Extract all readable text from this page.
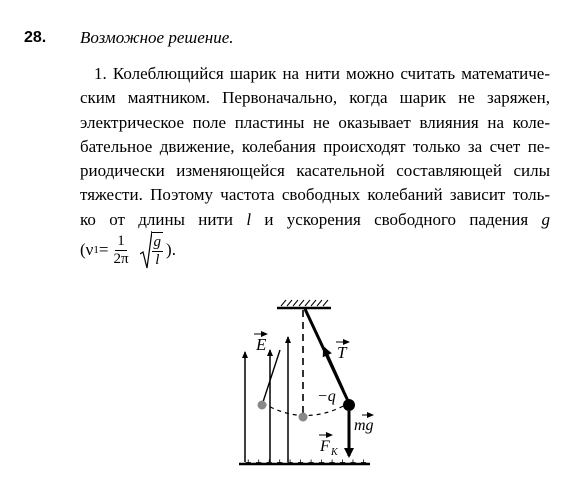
28. Возможное решение.

1. Колеблющийся шарик на нити можно считать математиче-
ским маятником. Первоначально, когда шарик не заряжен,
электрическое поле пластины не оказывает влияния на коле-
бательное движение, колебания происходят только за счет пе-
риодически изменяющейся касательной составляющей силы
тяжести. Поэтому частота свободных колебаний зависит толь-
ко от длины нити l и ускорения свободного падения g

( ν $1 = \frac{1}{2\pi} \frac{g}{l}$ ).
+ + + + + + + + + + + +
E	T
−q
mg
F K
